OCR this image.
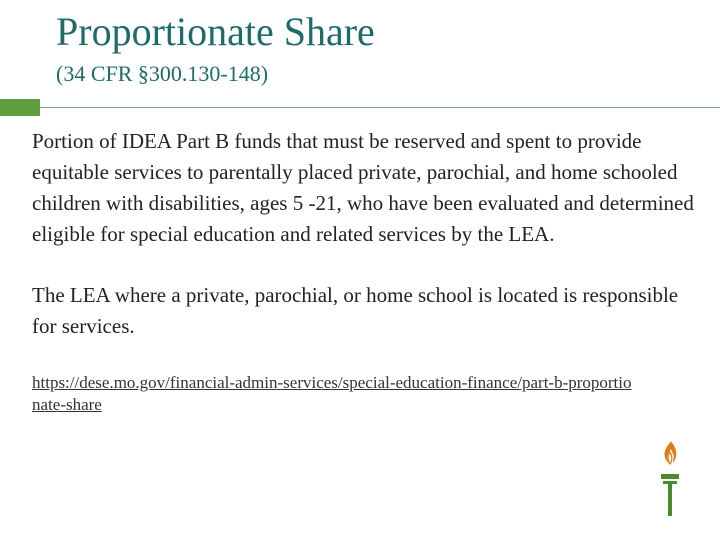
Proportionate Share
(34 CFR §300.130-148)

Portion of IDEA Part B funds that must be reserved and spent to provide equitable services to parentally placed private, parochial, and home schooled children with disabilities, ages 5 -21, who have been evaluated and determined eligible for special education and related services by the LEA.

The LEA where a private, parochial, or home school is located is responsible for services.

https://dese.mo.gov/financial-admin-services/special-education-finance/part-b-proportionate-share
